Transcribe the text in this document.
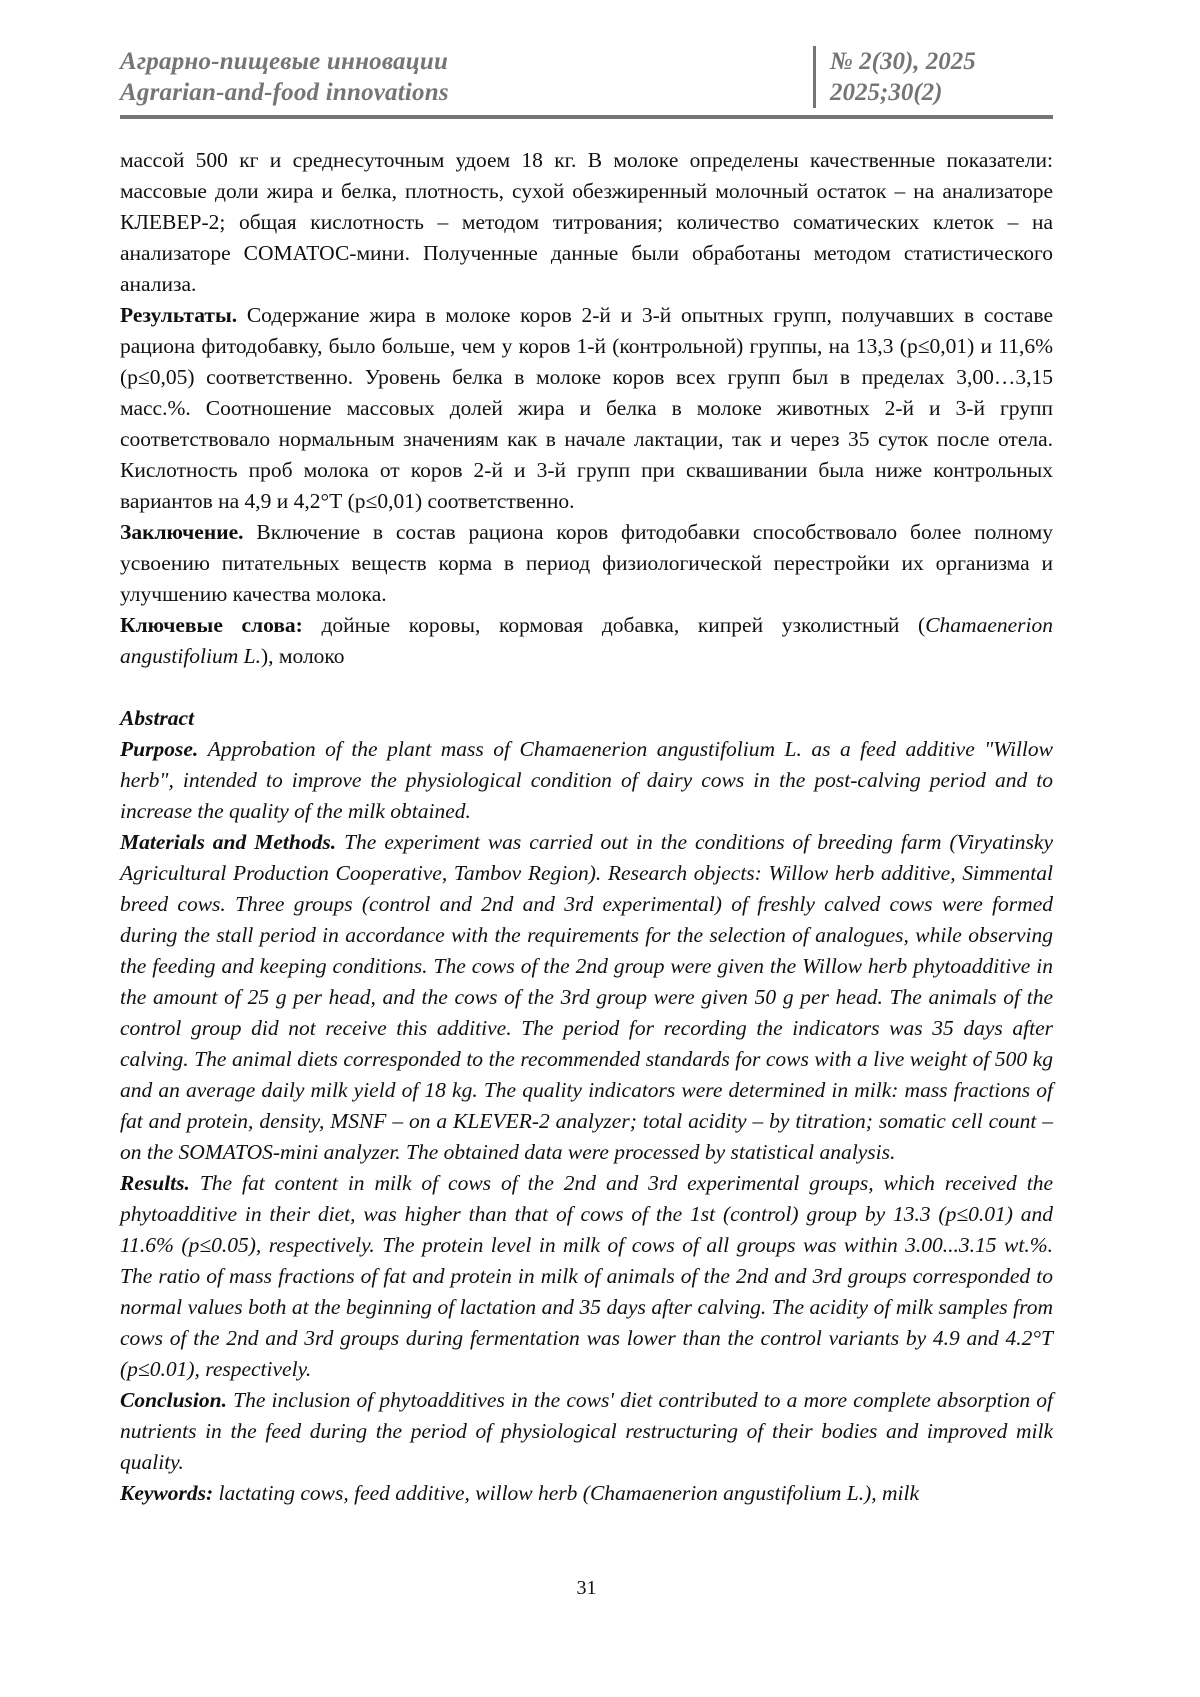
Аграрно-пищевые инновации
Agrarian-and-food innovations
№ 2(30), 2025
2025;30(2)

массой 500 кг и среднесуточным удоем 18 кг. В молоке определены качественные показатели: массовые доли жира и белка, плотность, сухой обезжиренный молочный остаток – на анализаторе КЛЕВЕР-2; общая кислотность – методом титрования; количество соматических клеток – на анализаторе СОМАТОС-мини. Полученные данные были обработаны методом статистического анализа.

Результаты. Содержание жира в молоке коров 2-й и 3-й опытных групп, получавших в составе рациона фитодобавку, было больше, чем у коров 1-й (контрольной) группы, на 13,3 (p≤0,01) и 11,6% (p≤0,05) соответственно. Уровень белка в молоке коров всех групп был в пределах 3,00…3,15 масс.%. Соотношение массовых долей жира и белка в молоке животных 2-й и 3-й групп соответствовало нормальным значениям как в начале лактации, так и через 35 суток после отела. Кислотность проб молока от коров 2-й и 3-й групп при сквашивании была ниже контрольных вариантов на 4,9 и 4,2°Т (p≤0,01) соответственно.

Заключение. Включение в состав рациона коров фитодобавки способствовало более полному усвоению питательных веществ корма в период физиологической перестройки их организма и улучшению качества молока.

Ключевые слова: дойные коровы, кормовая добавка, кипрей узколистный (Chamaenerion angustifolium L.), молоко

Abstract

Purpose. Approbation of the plant mass of Chamaenerion angustifolium L. as a feed additive "Willow herb", intended to improve the physiological condition of dairy cows in the post-calving period and to increase the quality of the milk obtained.

Materials and Methods. The experiment was carried out in the conditions of breeding farm (Viryatinsky Agricultural Production Cooperative, Tambov Region). Research objects: Willow herb additive, Simmental breed cows. Three groups (control and 2nd and 3rd experimental) of freshly calved cows were formed during the stall period in accordance with the requirements for the selection of analogues, while observing the feeding and keeping conditions. The cows of the 2nd group were given the Willow herb phytoadditive in the amount of 25 g per head, and the cows of the 3rd group were given 50 g per head. The animals of the control group did not receive this additive. The period for recording the indicators was 35 days after calving. The animal diets corresponded to the recommended standards for cows with a live weight of 500 kg and an average daily milk yield of 18 kg. The quality indicators were determined in milk: mass fractions of fat and protein, density, MSNF – on a KLEVER-2 analyzer; total acidity – by titration; somatic cell count – on the SOMATOS-mini analyzer. The obtained data were processed by statistical analysis.

Results. The fat content in milk of cows of the 2nd and 3rd experimental groups, which received the phytoadditive in their diet, was higher than that of cows of the 1st (control) group by 13.3 (p≤0.01) and 11.6% (p≤0.05), respectively. The protein level in milk of cows of all groups was within 3.00...3.15 wt.%. The ratio of mass fractions of fat and protein in milk of animals of the 2nd and 3rd groups corresponded to normal values both at the beginning of lactation and 35 days after calving. The acidity of milk samples from cows of the 2nd and 3rd groups during fermentation was lower than the control variants by 4.9 and 4.2°T (p≤0.01), respectively.

Conclusion. The inclusion of phytoadditives in the cows' diet contributed to a more complete absorption of nutrients in the feed during the period of physiological restructuring of their bodies and improved milk quality.

Keywords: lactating cows, feed additive, willow herb (Chamaenerion angustifolium L.), milk

31
